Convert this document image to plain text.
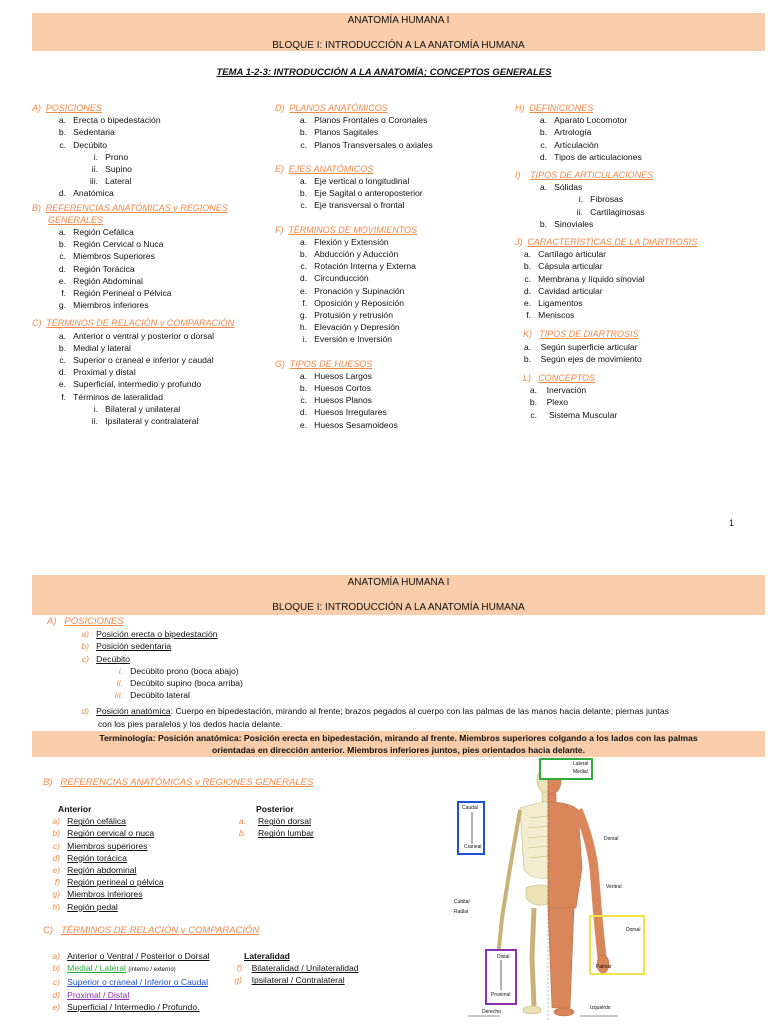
ANATOMÍA HUMANA I
BLOQUE I: INTRODUCCIÓN A LA ANATOMÍA HUMANA
TEMA 1-2-3: INTRODUCCIÓN A LA ANATOMÍA; CONCEPTOS GENERALES
A) POSICIONES
a. Erecta o bipedestación
b. Sedentaria
c. Decúbito
i. Prono
ii. Supino
iii. Lateral
d. Anatómica
B) REFERENCIAS ANATÓMICAS y REGIONES
GENERALES
a. Región Cefálica
b. Región Cervical o Nuca
c. Miembros Superiores
d. Región Torácica
e. Región Abdominal
f. Región Perineal o Pélvica
g. Miembros inferiores
C) TÉRMINOS DE RELACIÓN y COMPARACIÓN
a. Anterior o ventral y posterior o dorsal
b. Medial y lateral
c. Superior o craneal e inferior y caudal
d. Proximal y distal
e. Superficial, intermedio y profundo
f. Términos de lateralidad
i. Bilateral y unilateral
ii. Ipsilateral y contralateral
D) PLANOS ANATÓMICOS
a. Planos Frontales o Coronales
b. Planos Sagitales
c. Planos Transversales o axiales
E) EJES ANATÓMICOS
a. Eje vertical o longitudinal
b. Eje Sagital o anteroposterior
c. Eje transversal o frontal
F) TÉRMINOS DE MOVIMIENTOS
a. Flexión y Extensión
b. Abducción y Aducción
c. Rotación Interna y Externa
d. Circunducción
e. Pronación y Supinación
f. Oposición y Reposición
g. Protusión y retrusión
h. Elevación y Depresión
i. Eversión e Inversión
G) TIPOS DE HUESOS
a. Huesos Largos
b. Huesos Cortos
c. Huesos Planos
d. Huesos Irregulares
e. Huesos Sesamoideos
H) DEFINICIONES
a. Aparato Locomotor
b. Artrología
c. Articulación
d. Tipos de articulaciones
I) TIPOS DE ARTICULACIONES
a. Sólidas
i. Fibrosas
ii. Cartilaginosas
b. Sinoviales
J) CARACTERÍSTICAS DE LA DIARTROSIS
a. Cartílago articular
b. Cápsula articular
c. Membrana y líquido sinovial
d. Cavidad articular
e. Ligamentos
f. Meniscos
K) TIPOS DE DIARTROSIS
a. Según superficie articular
b. Según ejes de movimiento
L) CONCEPTOS
a. Inervación
b. Plexo
c. Sistema Muscular
1
ANATOMÍA HUMANA I
BLOQUE I: INTRODUCCIÓN A LA ANATOMÍA HUMANA
A) POSICIONES
a) Posición erecta o bipedestación
b) Posición sedentaria
c) Decúbito
i. Decúbito prono (boca abajo)
ii. Decúbito supino (boca arriba)
iii. Decúbito lateral
d) Posición anatómica: Cuerpo en bipedestación, mirando al frente; brazos pegados al cuerpo con las palmas de las manos hacia delante; piernas juntas
con los pies paralelos y los dedos hacia delante.
Terminología: Posición anatómica: Posición erecta en bipedestación, mirando al frente. Miembros superiores colgando a los lados con las palmas
orientadas en dirección anterior. Miembros inferiores juntos, pies orientados hacia delante.
B) REFERENCIAS ANATÓMICAS y REGIONES GENERALES
Anterior
a) Región cefálica
b) Región cervical o nuca
c) Miembros superiores
d) Región torácica
e) Región abdominal
f) Región perineal o pélvica
g) Miembros inferiores
h) Región pedal
Posterior
a. Región dorsal
b. Región lumbar
C) TÉRMINOS DE RELACIÓN y COMPARACIÓN
a) Anterior o Ventral / Posterior o Dorsal
b) Medial / Lateral (interno / externo)
c) Superior o craneal / Inferior o Caudal
d) Proximal / Distal
e) Superficial / Intermedio / Profundo.
Lateralidad
f) Bilateralidad / Unilateralidad
g) Ipsilateral / Contralateral
Lateral
Medial
Caudal
Craneal
Dorsal
Ventral
Cubital
Radial
Dorsal
Palmar
Distal
Proximal
Derecho
Izquierdo
